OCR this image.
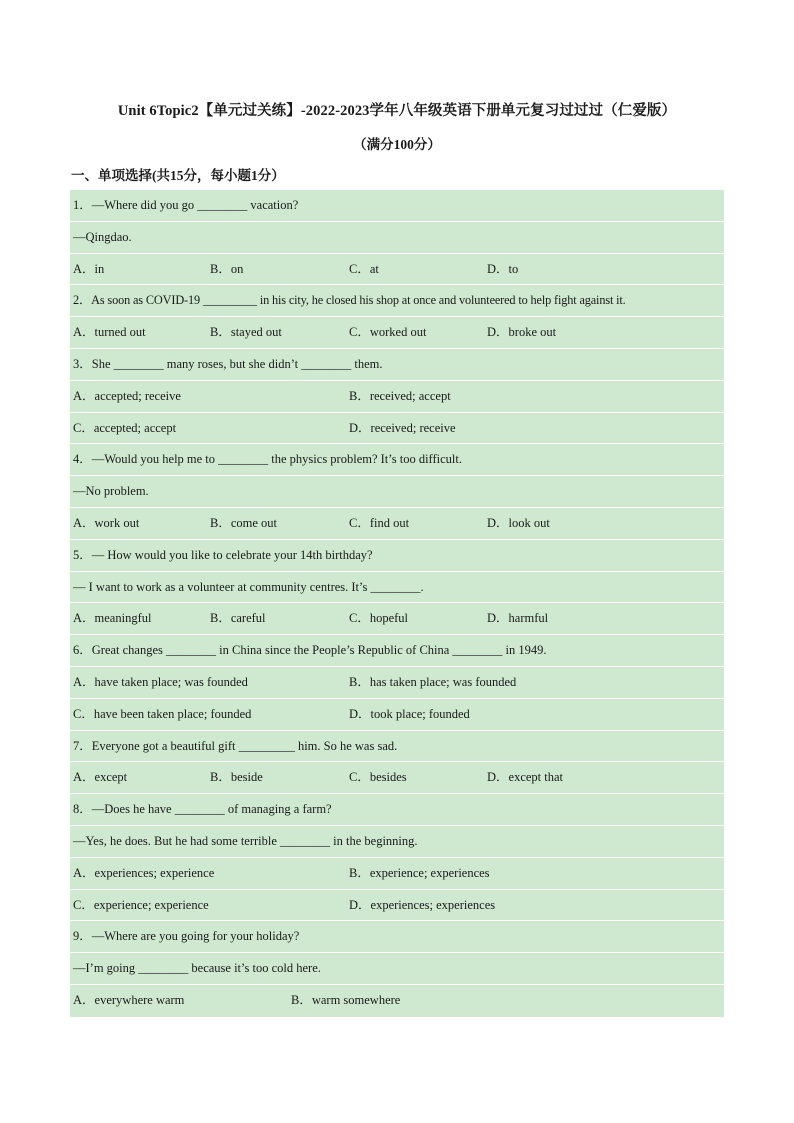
Unit 6Topic2【单元过关练】-2022-2023学年八年级英语下册单元复习过过过（仁爱版）
（满分100分）
一、单项选择(共15分，每小题1分）
1．—Where did you go ________ vacation?
—Qingdao.
A．in	B．on	C．at	D．to
2．As soon as COVID-19 _________ in his city, he closed his shop at once and volunteered to help fight against it.
A．turned out	B．stayed out	C．worked out	D．broke out
3．She ________ many roses, but she didn’t ________ them.
A．accepted; receive	B．received; accept
C．accepted; accept	D．received; receive
4．—Would you help me to ________ the physics problem? It’s too difficult.
—No problem.
A．work out	B．come out	C．find out	D．look out
5．— How would you like to celebrate your 14th birthday?
— I want to work as a volunteer at community centres. It’s ________.
A．meaningful	B．careful	C．hopeful	D．harmful
6．Great changes ________ in China since the People’s Republic of China ________ in 1949.
A．have taken place; was founded	B．has taken place; was founded
C．have been taken place; founded	D．took place; founded
7．Everyone got a beautiful gift _________ him. So he was sad.
A．except	B．beside	C．besides	D．except that
8．—Does he have ________ of managing a farm?
—Yes, he does. But he had some terrible ________ in the beginning.
A．experiences; experience	B．experience; experiences
C．experience; experience	D．experiences; experiences
9．—Where are you going for your holiday?
—I’m going ________ because it’s too cold here.
A．everywhere warm	B．warm somewhere
